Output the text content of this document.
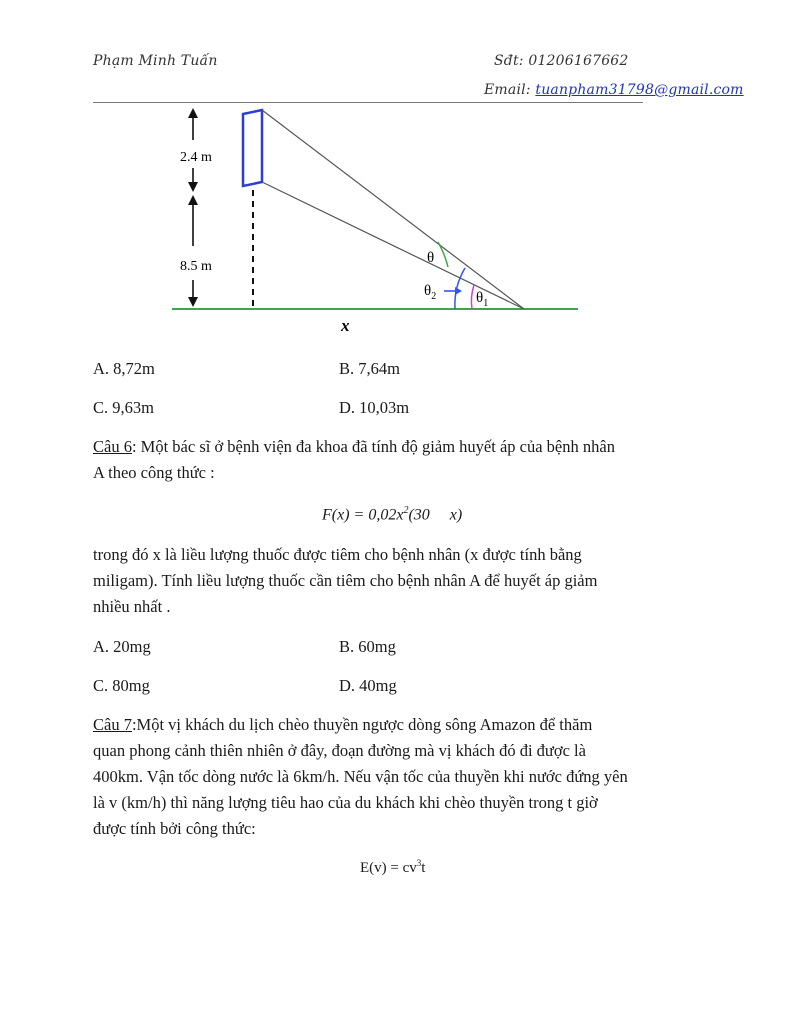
Phạm Minh Tuấn	Sđt: 01206167662
Email: tuanpham31798@gmail.com
2.4 m
8.5 m
θ
$\theta_2$	$\theta_1$
x
A. 8,72m	B. 7,64m
C. 9,63m	D. 10,03m
Câu 6: Một bác sĩ ở bệnh viện đa khoa đã tính độ giảm huyết áp của bệnh nhân
A theo công thức :
$F(x) = 0,02x^2(30$     x)
trong đó x là liều lượng thuốc được tiêm cho bệnh nhân (x được tính bằng
miligam). Tính liều lượng thuốc cần tiêm cho bệnh nhân A để huyết áp giảm
nhiều nhất .
A. 20mg	B. 60mg
C. 80mg	D. 40mg
Câu 7:Một vị khách du lịch chèo thuyền ngược dòng sông Amazon để thăm
quan phong cảnh thiên nhiên ở đây, đoạn đường mà vị khách đó đi được là
400km. Vận tốc dòng nước là 6km/h. Nếu vận tốc của thuyền khi nước đứng yên
là v (km/h) thì năng lượng tiêu hao của du khách khi chèo thuyền trong t giờ
được tính bởi công thức:
$E(v) = cv^3t$
